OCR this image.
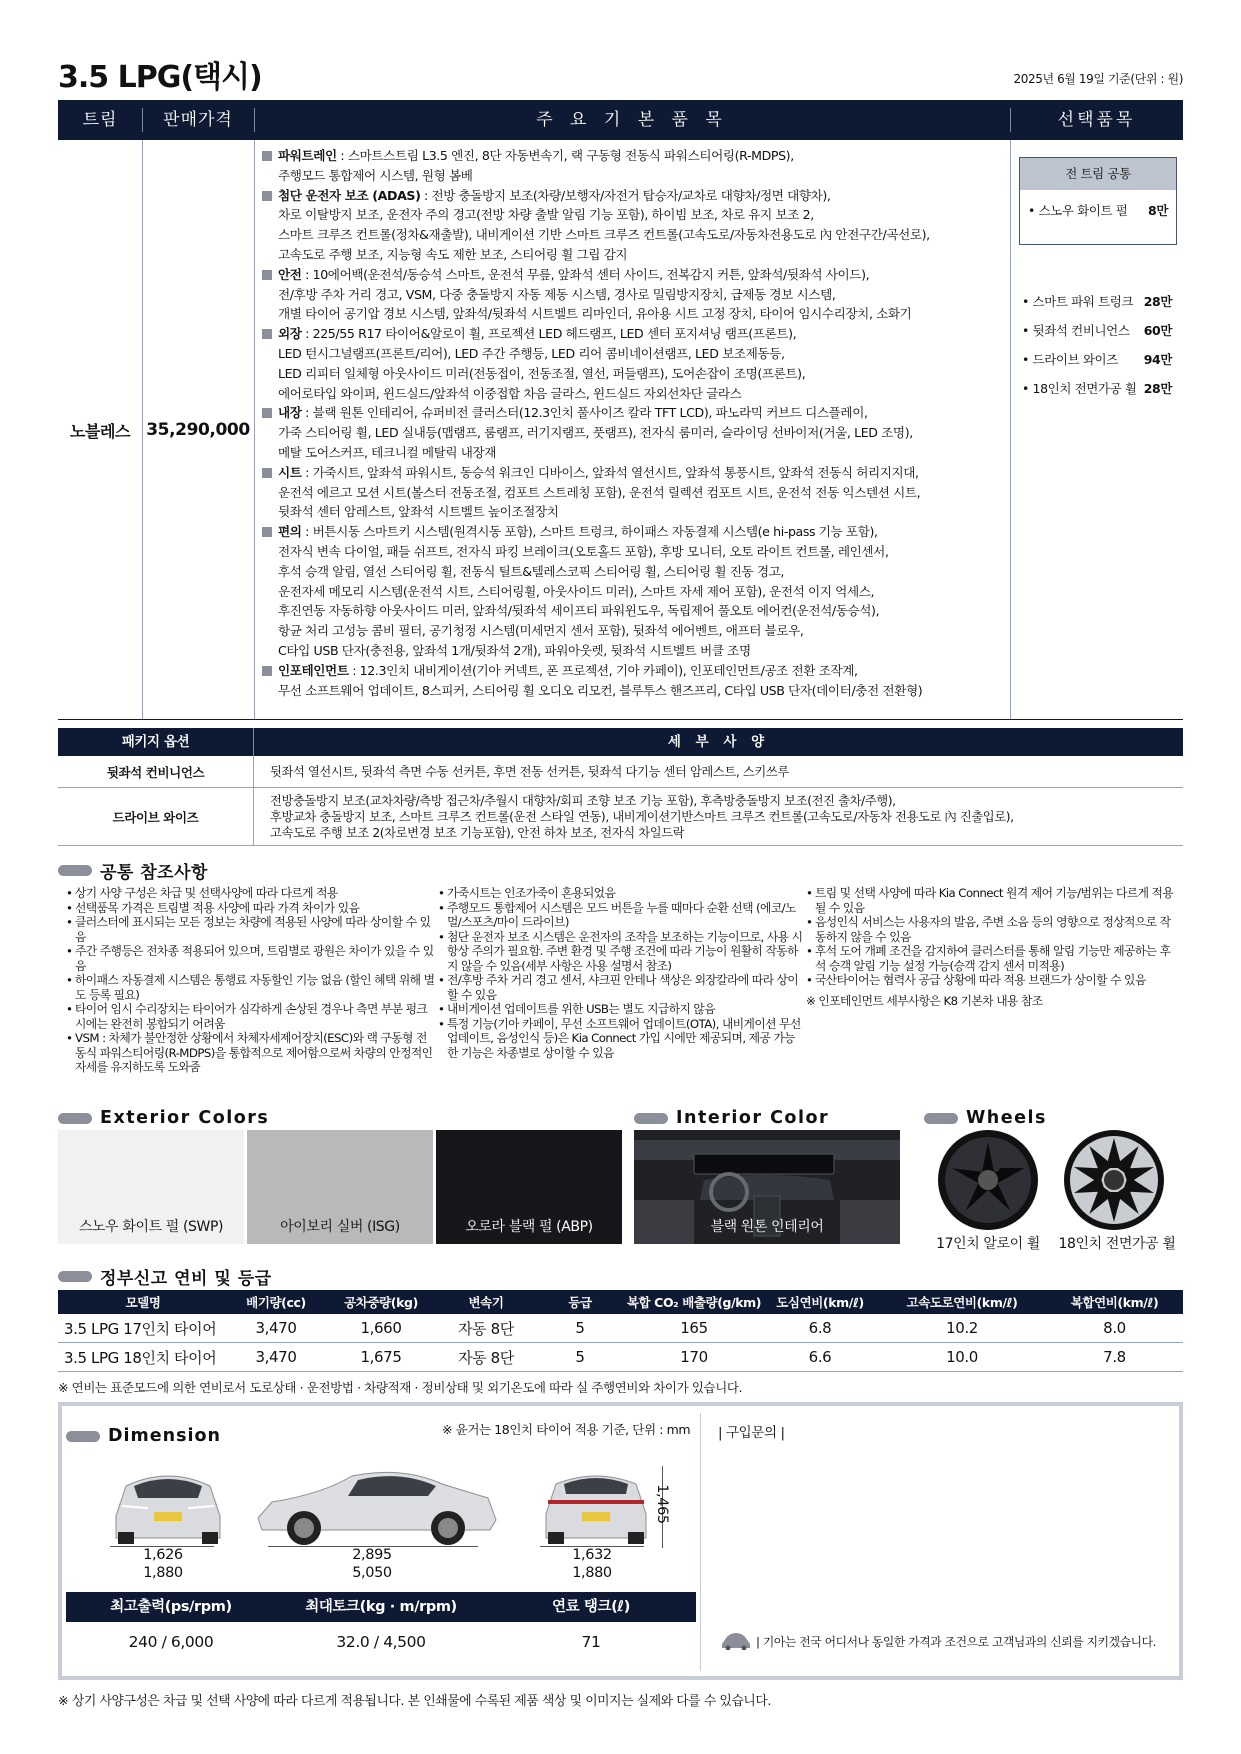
3.5 LPG(택시)	2025년 6월 19일 기준(단위 : 원)
트림	판매가격	주 요 기 본 품 목	선택품목
노블레스 35,290,000
파워트레인 : 스마트스트림 L3.5 엔진, 8단 자동변속기, 랙 구동형 전동식 파워스티어링(R-MDPS),
주행모드 통합제어 시스템, 원형 봄베
첨단 운전자 보조 (ADAS) : 전방 충돌방지 보조(차량/보행자/자전거 탑승자/교차로 대향차/정면 대향차),
차로 이탈방지 보조, 운전자 주의 경고(전방 차량 출발 알림 기능 포함), 하이빔 보조, 차로 유지 보조 2,
스마트 크루즈 컨트롤(정차&재출발), 내비게이션 기반 스마트 크루즈 컨트롤(고속도로/자동차전용도로 內 안전구간/곡선로),
고속도로 주행 보조, 지능형 속도 제한 보조, 스티어링 휠 그립 감지
안전 : 10에어백(운전석/동승석 스마트, 운전석 무릎, 앞좌석 센터 사이드, 전복감지 커튼, 앞좌석/뒷좌석 사이드),
전/후방 주차 거리 경고, VSM, 다중 충돌방지 자동 제동 시스템, 경사로 밀림방지장치, 급제동 경보 시스템,
개별 타이어 공기압 경보 시스템, 앞좌석/뒷좌석 시트벨트 리마인더, 유아용 시트 고정 장치, 타이어 임시수리장치, 소화기
외장 : 225/55 R17 타이어&알로이 휠, 프로젝션 LED 헤드램프, LED 센터 포지셔닝 램프(프론트),
LED 턴시그널램프(프론트/리어), LED 주간 주행등, LED 리어 콤비네이션램프, LED 보조제동등,
LED 리피터 일체형 아웃사이드 미러(전동접이, 전동조절, 열선, 퍼들램프), 도어손잡이 조명(프론트),
에어로타입 와이퍼, 윈드실드/앞좌석 이중접합 차음 글라스, 윈드실드 자외선차단 글라스
내장 : 블랙 원톤 인테리어, 슈퍼비전 클러스터(12.3인치 풀사이즈 칼라 TFT LCD), 파노라믹 커브드 디스플레이,
가죽 스티어링 휠, LED 실내등(맵램프, 룸램프, 러기지램프, 풋램프), 전자식 룸미러, 슬라이딩 선바이저(거울, LED 조명),
메탈 도어스커프, 테크니컬 메탈릭 내장재
시트 : 가죽시트, 앞좌석 파워시트, 동승석 워크인 디바이스, 앞좌석 열선시트, 앞좌석 통풍시트, 앞좌석 전동식 허리지지대,
운전석 에르고 모션 시트(볼스터 전동조절, 컴포트 스트레칭 포함), 운전석 릴렉션 컴포트 시트, 운전석 전동 익스텐션 시트,
뒷좌석 센터 암레스트, 앞좌석 시트벨트 높이조절장치
편의 : 버튼시동 스마트키 시스템(원격시동 포함), 스마트 트렁크, 하이패스 자동결제 시스템(e hi-pass 기능 포함),
전자식 변속 다이얼, 패들 쉬프트, 전자식 파킹 브레이크(오토홀드 포함), 후방 모니터, 오토 라이트 컨트롤, 레인센서,
후석 승객 알림, 열선 스티어링 휠, 전동식 틸트&텔레스코픽 스티어링 휠, 스티어링 휠 진동 경고,
운전자세 메모리 시스템(운전석 시트, 스티어링휠, 아웃사이드 미러), 스마트 자세 제어 포함), 운전석 이지 억세스,
후진연동 자동하향 아웃사이드 미러, 앞좌석/뒷좌석 세이프티 파워윈도우, 독립제어 풀오토 에어컨(운전석/동승석),
항균 처리 고성능 콤비 필터, 공기청정 시스템(미세먼지 센서 포함), 뒷좌석 에어벤트, 애프터 블로우,
C타입 USB 단자(충전용, 앞좌석 1개/뒷좌석 2개), 파워아웃렛, 뒷좌석 시트벨트 버클 조명
인포테인먼트 : 12.3인치 내비게이션(기아 커넥트, 폰 프로젝션, 기아 카페이), 인포테인먼트/공조 전환 조작계,
무선 소프트웨어 업데이트, 8스피커, 스티어링 휠 오디오 리모컨, 블루투스 핸즈프리, C타입 USB 단자(데이터/충전 전환형)
전 트림 공통
• 스노우 화이트 펄 8만
• 스마트 파워 트렁크 28만
• 뒷좌석 컨비니언스 60만
• 드라이브 와이즈 94만
• 18인치 전면가공 휠 28만
패키지 옵션	세 부 사 양
뒷좌석 컨비니언스	뒷좌석 열선시트, 뒷좌석 측면 수동 선커튼, 후면 전동 선커튼, 뒷좌석 다기능 센터 암레스트, 스키쓰루
드라이브 와이즈
전방충돌방지 보조(교차차량/측방 접근차/추월시 대향차/회피 조향 보조 기능 포함), 후측방충돌방지 보조(전진 출차/주행),
후방교차 충돌방지 보조, 스마트 크루즈 컨트롤(운전 스타일 연동), 내비게이션기반스마트 크루즈 컨트롤(고속도로/자동차 전용도로 內 진출입로),
고속도로 주행 보조 2(차로변경 보조 기능포함), 안전 하차 보조, 전자식 차일드락
공통 참조사항
• 상기 사양 구성은 차급 및 선택사양에 따라 다르게 적용
• 선택품목 가격은 트림별 적용 사양에 따라 가격 차이가 있음
• 클러스터에 표시되는 모든 정보는 차량에 적용된 사양에 따라 상이할 수 있음
• 주간 주행등은 전차종 적용되어 있으며, 트림별로 광원은 차이가 있을 수 있음
• 하이패스 자동결제 시스템은 통행료 자동할인 기능 없음 (할인 혜택 위해 별도 등록 필요)
• 타이어 임시 수리장치는 타이어가 심각하게 손상된 경우나 측면 부분 펑크 시에는 완전히 봉합되기 어려움
• VSM : 차체가 불안정한 상황에서 차체자세제어장치(ESC)와 랙 구동형 전동식 파워스티어링(R-MDPS)을 통합적으로 제어함으로써 차량의 안정적인 자세를 유지하도록 도와줌
• 가죽시트는 인조가죽이 혼용되었음
• 주행모드 통합제어 시스템은 모드 버튼을 누를 때마다 순환 선택 (에코/노멀/스포츠/마이 드라이브)
• 첨단 운전자 보조 시스템은 운전자의 조작을 보조하는 기능이므로, 사용 시 항상 주의가 필요함. 주변 환경 및 주행 조건에 따라 기능이 원활히 작동하지 않을 수 있음(세부 사항은 사용 설명서 참조)
• 전/후방 주차 거리 경고 센서, 샤크핀 안테나 색상은 외장칼라에 따라 상이할 수 있음
• 내비게이션 업데이트를 위한 USB는 별도 지급하지 않음
• 특정 기능(기아 카페이, 무선 소프트웨어 업데이트(OTA), 내비게이션 무선 업데이트, 음성인식 등)은 Kia Connect 가입 시에만 제공되며, 제공 가능한 기능은 차종별로 상이할 수 있음
• 트림 및 선택 사양에 따라 Kia Connect 원격 제어 기능/범위는 다르게 적용될 수 있음
• 음성인식 서비스는 사용자의 발음, 주변 소음 등의 영향으로 정상적으로 작동하지 않을 수 있음
• 후석 도어 개폐 조건을 감지하여 클러스터를 통해 알림 기능만 제공하는 후석 승객 알림 기능 설정 가능(승객 감지 센서 미적용)
• 국산타이어는 협력사 공급 상황에 따라 적용 브랜드가 상이할 수 있음
※ 인포테인먼트 세부사항은 K8 기본차 내용 참조
Exterior Colors	Interior Color	Wheels
스노우 화이트 펄 (SWP)	아이보리 실버 (ISG)	오로라 블랙 펄 (ABP)	블랙 원톤 인테리어
17인치 알로이 휠	18인치 전면가공 휠
정부신고 연비 및 등급
모델명	배기량(cc)	공차중량(kg)	변속기	등급	복합 CO₂ 배출량(g/km)	도심연비(km/ℓ)	고속도로연비(km/ℓ)	복합연비(km/ℓ)
3.5 LPG 17인치 타이어	3,470	1,660	자동 8단	5	165	6.8	10.2	8.0
3.5 LPG 18인치 타이어	3,470	1,675	자동 8단	5	170	6.6	10.0	7.8
※ 연비는 표준모드에 의한 연비로서 도로상태 · 운전방법 · 차량적재 · 정비상태 및 외기온도에 따라 실 주행연비와 차이가 있습니다.
Dimension	※ 윤거는 18인치 타이어 적용 기준, 단위 : mm | 구입문의 |
1,626
1,880
2,895
5,050
1,632
1,880
1,465
최고출력(ps/rpm)	최대토크(kg · m/rpm)	연료 탱크(ℓ)
240 / 6,000	32.0 / 4,500	71	| 기아는 전국 어디서나 동일한 가격과 조건으로 고객님과의 신뢰를 지키겠습니다.
※ 상기 사양구성은 차급 및 선택 사양에 따라 다르게 적용됩니다. 본 인쇄물에 수록된 제품 색상 및 이미지는 실제와 다를 수 있습니다.
